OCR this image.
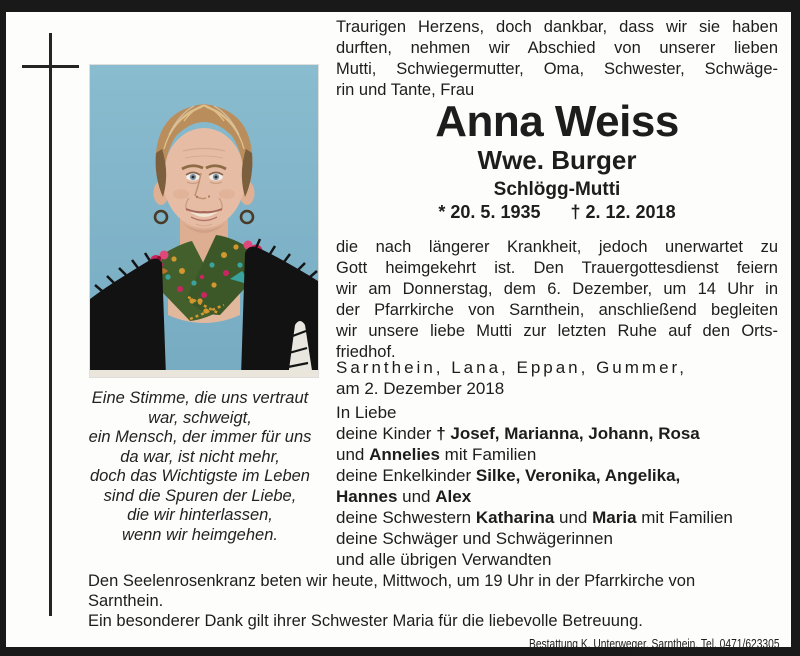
Traurigen Herzens, doch dankbar, dass wir sie haben
durften, nehmen wir Abschied von unserer lieben
Mutti, Schwiegermutter, Oma, Schwester, Schwäge-
rin und Tante, Frau
Anna Weiss
Wwe. Burger
Schlögg-Mutti
* 20. 5. 1935 † 2. 12. 2018
die nach längerer Krankheit, jedoch unerwartet zu
Gott heimgekehrt ist. Den Trauergottesdienst feiern
wir am Donnerstag, dem 6. Dezember, um 14 Uhr in
der Pfarrkirche von Sarnthein, anschließend begleiten
wir unsere liebe Mutti zur letzten Ruhe auf den Orts-
friedhof.
Sarnthein, Lana, Eppan, Gummer,
am 2. Dezember 2018
Eine Stimme, die uns vertraut
war, schweigt,
ein Mensch, der immer für uns
da war, ist nicht mehr,
doch das Wichtigste im Leben
sind die Spuren der Liebe,
die wir hinterlassen,
wenn wir heimgehen.
In Liebe
deine Kinder † Josef, Marianna, Johann, Rosa
und Annelies mit Familien
deine Enkelkinder Silke, Veronika, Angelika,
Hannes und Alex
deine Schwestern Katharina und Maria mit Familien
deine Schwäger und Schwägerinnen
und alle übrigen Verwandten
Den Seelenrosenkranz beten wir heute, Mittwoch, um 19 Uhr in der Pfarrkirche von
Sarnthein.
Ein besonderer Dank gilt ihrer Schwester Maria für die liebevolle Betreuung.
Bestattung K. Unterweger, Sarnthein, Tel. 0471/623305
